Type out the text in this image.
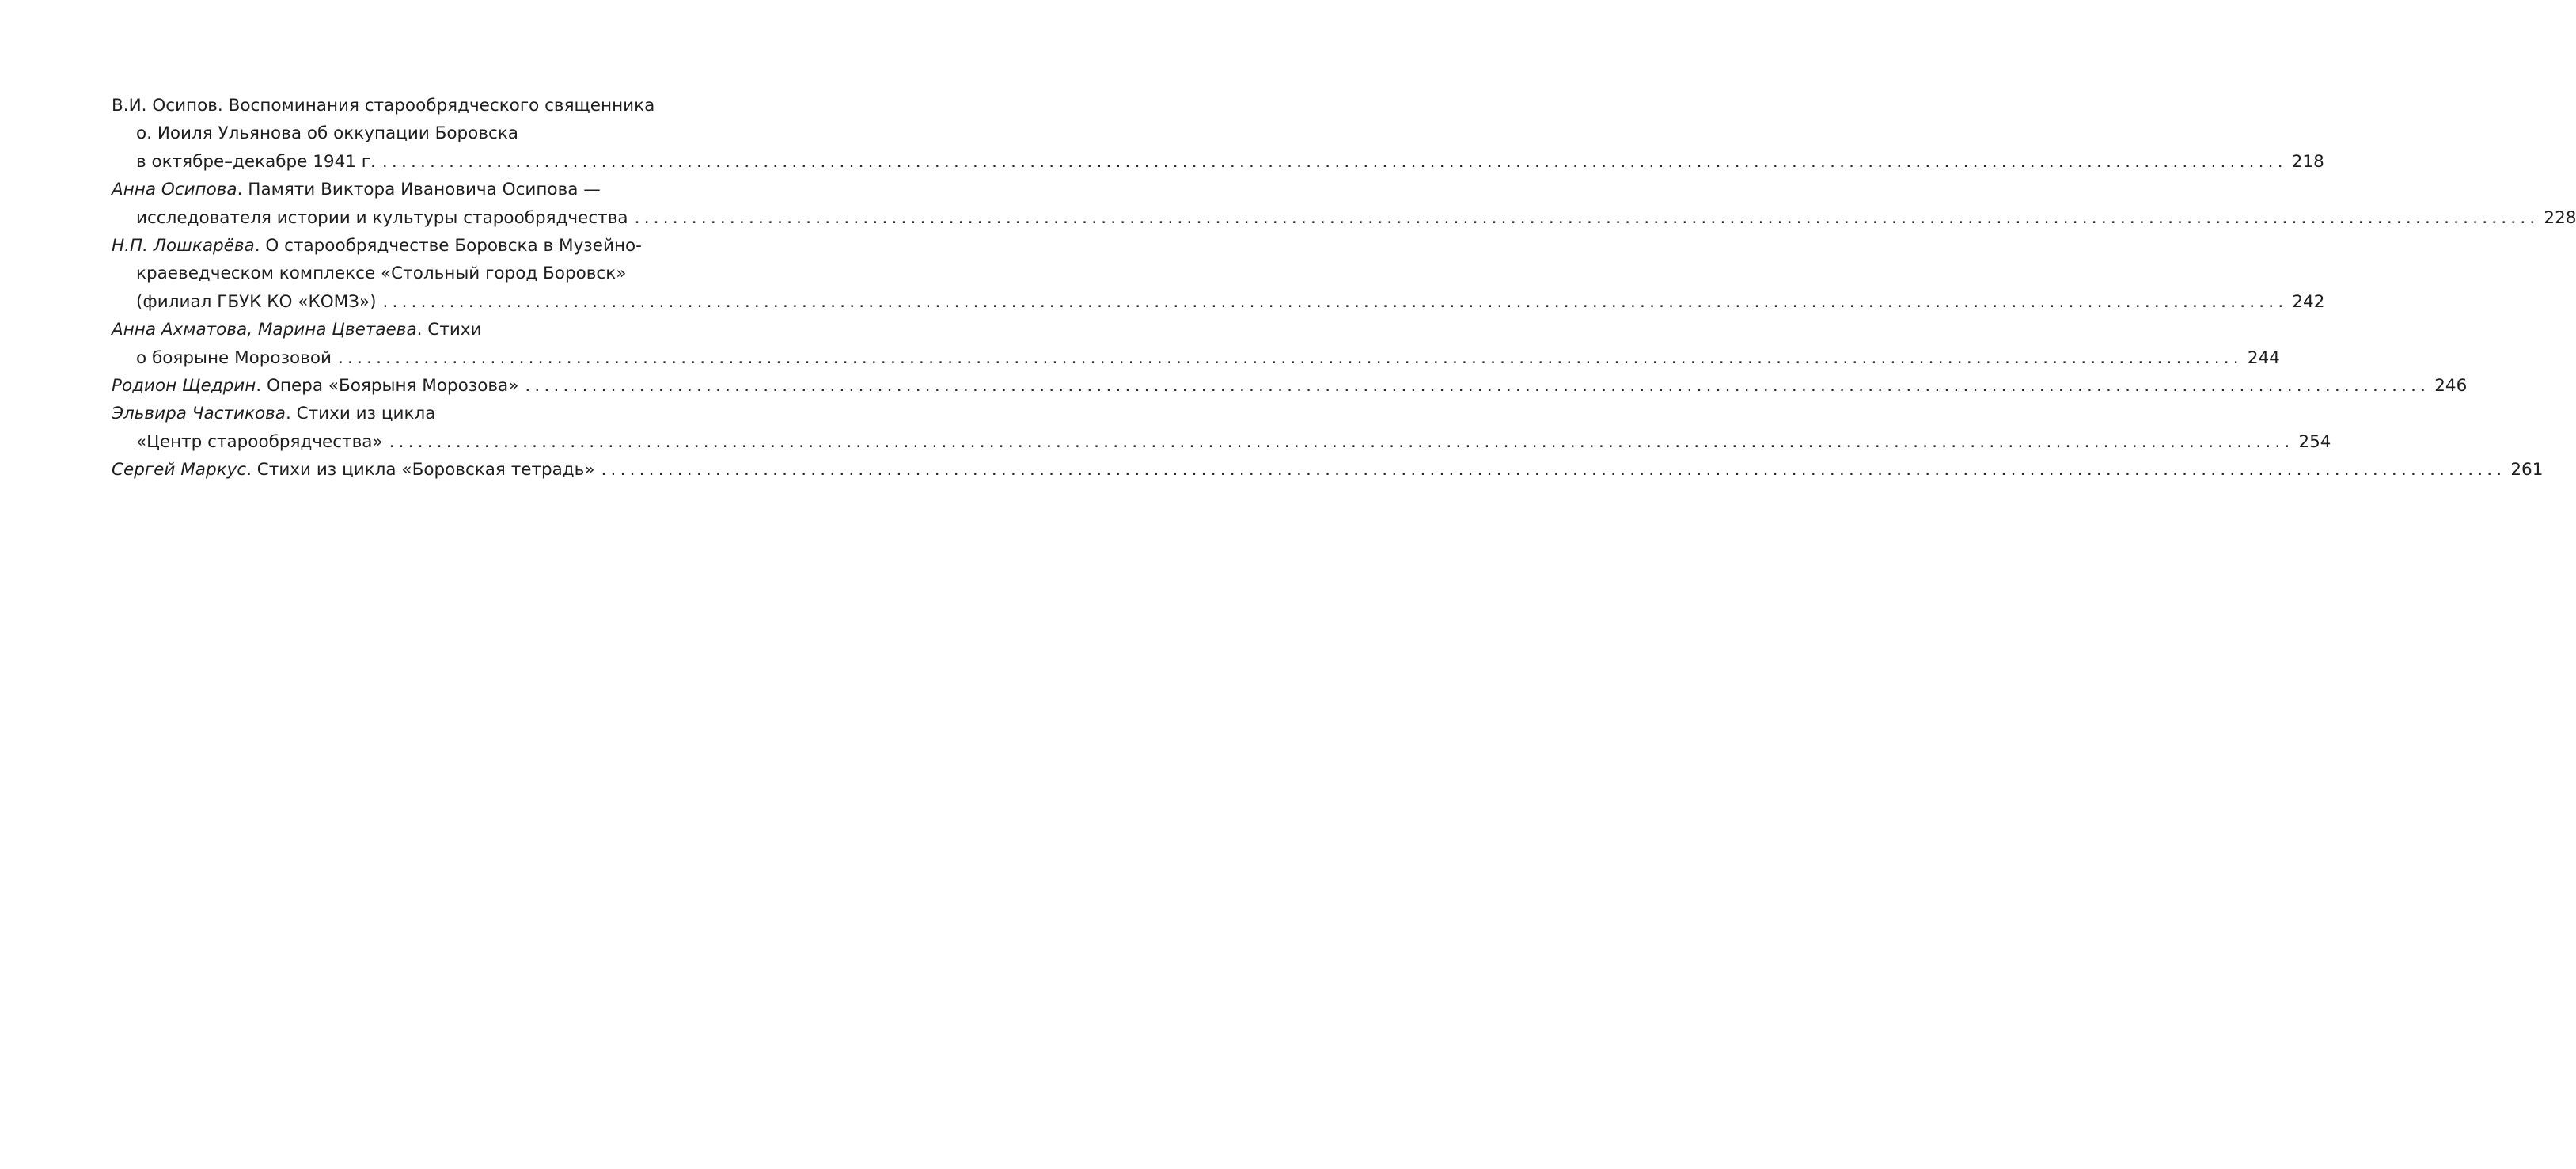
В.И. Осипов. Воспоминания старообрядческого священника
о. Иоиля Ульянова об оккупации Боровска
в октябре–декабре 1941 г. ........................................................................................................................................................................................................ 218
Анна Осипова. Памяти Виктора Ивановича Осипова —
исследователя истории и культуры старообрядчества ........................................................................................................................................................................................................ 228
Н.П. Лошкарёва. О старообрядчестве Боровска в Музейно-
краеведческом комплексе «Стольный город Боровск»
(филиал ГБУК КО «КОМЗ») ........................................................................................................................................................................................................ 242
Анна Ахматова, Марина Цветаева. Стихи
о боярыне Морозовой ........................................................................................................................................................................................................ 244
Родион Щедрин. Опера «Боярыня Морозова» ........................................................................................................................................................................................................ 246
Эльвира Частикова. Стихи из цикла
«Центр старообрядчества» ........................................................................................................................................................................................................ 254
Сергей Маркус. Стихи из цикла «Боровская тетрадь» ........................................................................................................................................................................................................ 261
